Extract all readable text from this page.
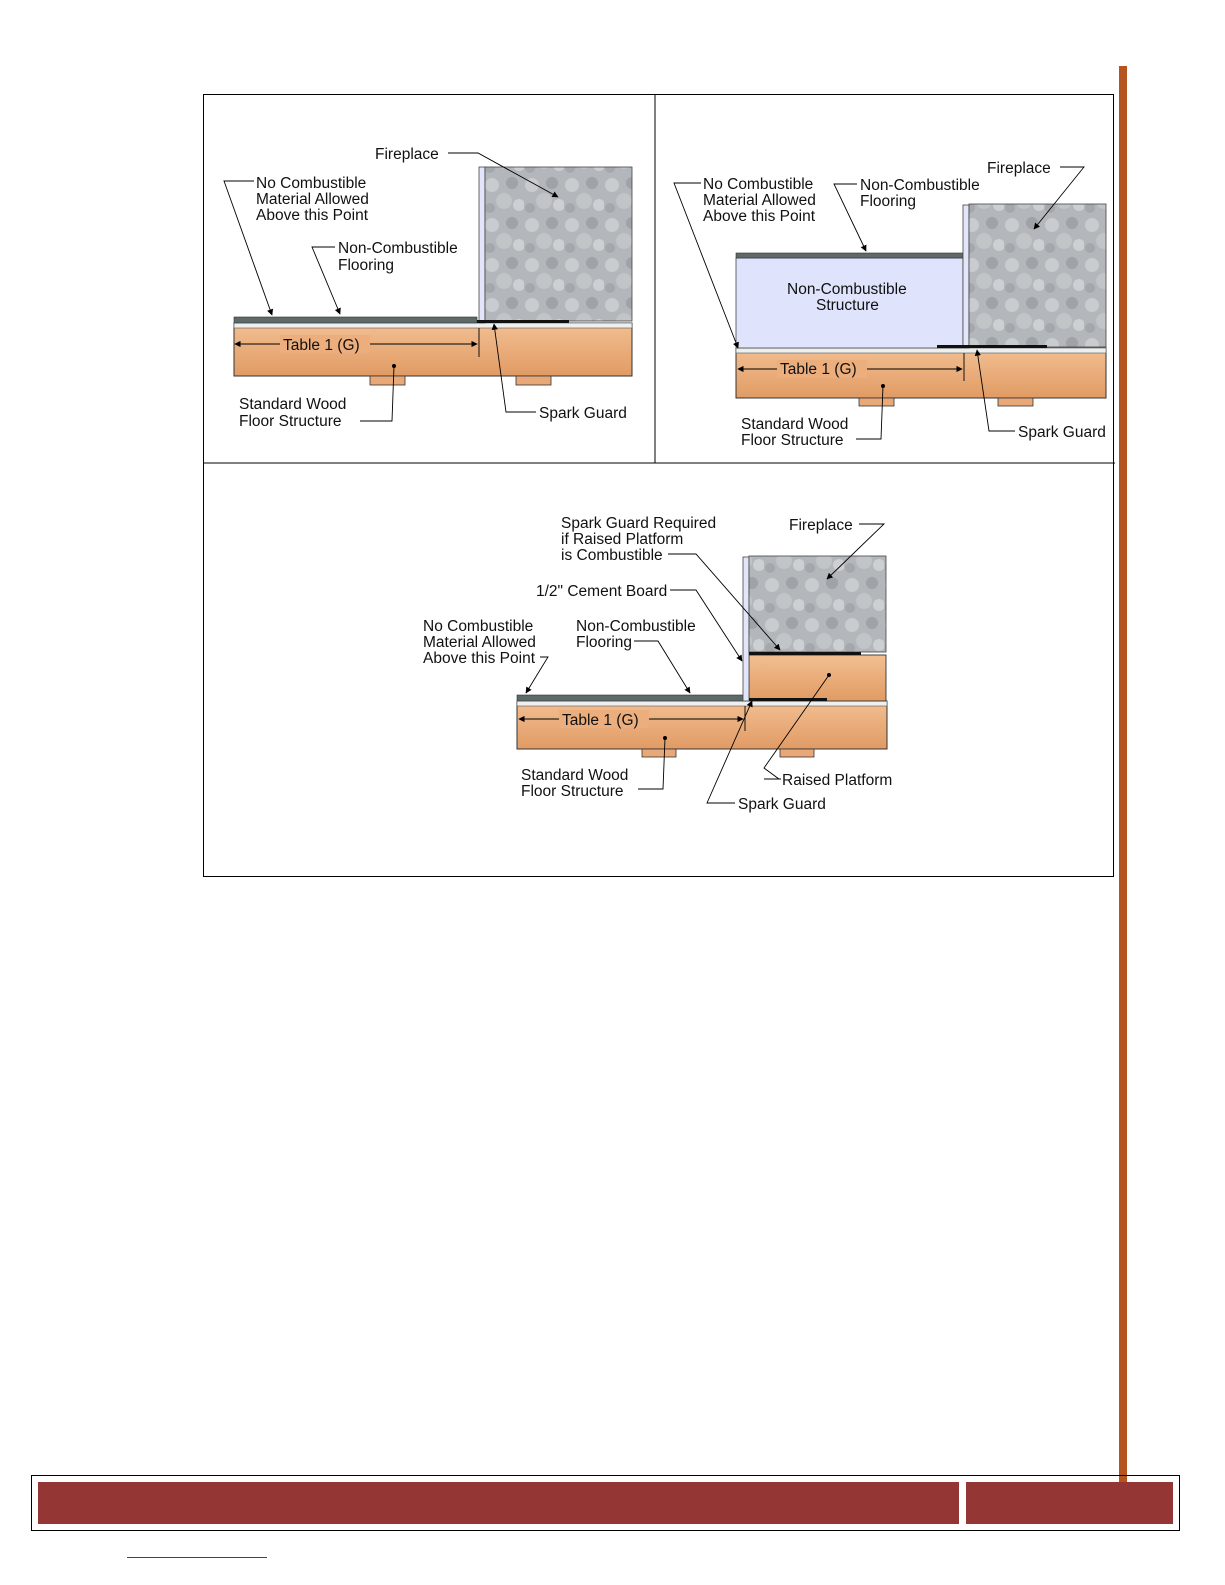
Fireplace
No Combustible
Material Allowed
Above this Point
Non-Combustible
Flooring
Table 1 (G)
Standard Wood
Floor Structure	Spark Guard
Non-Combustible
Structure
No Combustible
Material Allowed
Above this Point
Non-Combustible
Flooring
Fireplace
Table 1 (G)
Standard Wood
Floor Structure	Spark Guard
Spark Guard Required
if Raised Platform
is Combustible
Fireplace
1/2" Cement Board
No Combustible
Material Allowed
Above this Point
Non-Combustible
Flooring
Table 1 (G)
Standard Wood
Floor Structure
Raised Platform
Spark Guard
